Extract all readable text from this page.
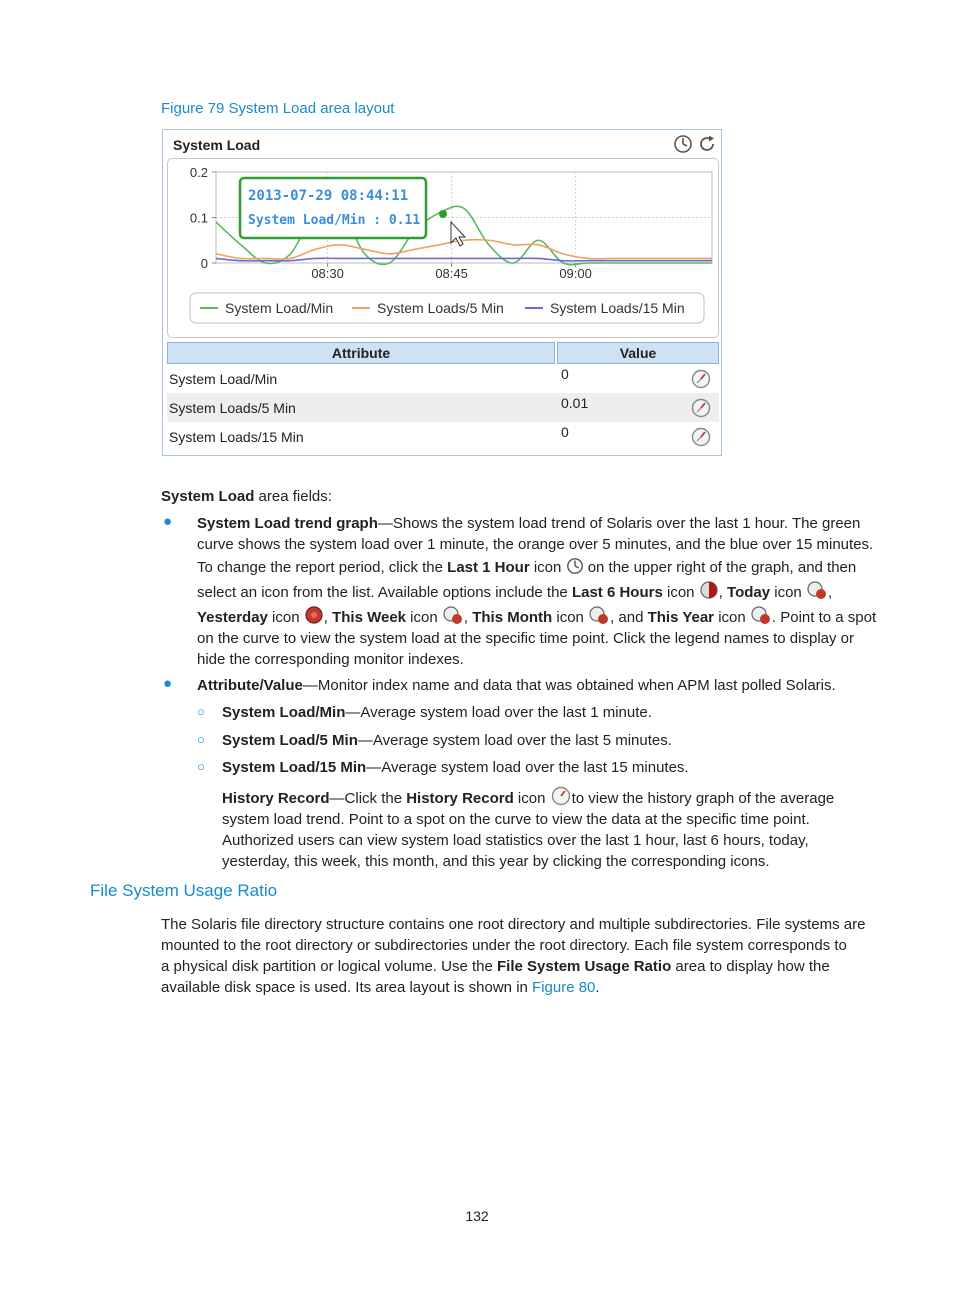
Figure 79 System Load area layout
System Load
0.2
0.1
0
08:30	08:45	09:00
2013-07-29 08:44:11
System Load/Min : 0.11
System Load/Min	System Loads/5 Min	System Loads/15 Min
Attribute		Value
System Load/Min		0

System Loads/5 Min		0.01

System Loads/15 Min		0
System Load area fields:
● System Load trend graph—Shows the system load trend of Solaris over the last 1 hour. The green
curve shows the system load over 1 minute, the orange over 5 minutes, and the blue over 15 minutes.
To change the report period, click the Last 1 Hour icon  on the upper right of the graph, and then
select an icon from the list. Available options include the Last 6 Hours icon , Today icon ,
Yesterday icon , This Week icon , This Month icon , and This Year icon . Point to a spot
on the curve to view the system load at the specific time point. Click the legend names to display or
hide the corresponding monitor indexes.
● Attribute/Value—Monitor index name and data that was obtained when APM last polled Solaris.
○ System Load/Min—Average system load over the last 1 minute.
○ System Load/5 Min—Average system load over the last 5 minutes.
○ System Load/15 Min—Average system load over the last 15 minutes.
History Record—Click the History Record icon to view the history graph of the average
system load trend. Point to a spot on the curve to view the data at the specific time point.
Authorized users can view system load statistics over the last 1 hour, last 6 hours, today,
yesterday, this week, this month, and this year by clicking the corresponding icons.
File System Usage Ratio
The Solaris file directory structure contains one root directory and multiple subdirectories. File systems are
mounted to the root directory or subdirectories under the root directory. Each file system corresponds to
a physical disk partition or logical volume. Use the File System Usage Ratio area to display how the
available disk space is used. Its area layout is shown in Figure 80.
132
